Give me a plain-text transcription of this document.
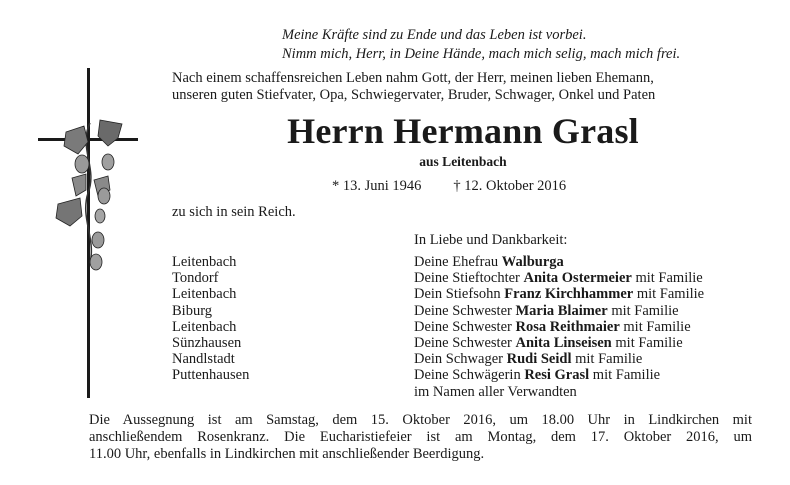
Meine Kräfte sind zu Ende und das Leben ist vorbei.
Nimm mich, Herr, in Deine Hände, mach mich selig, mach mich frei.
Nach einem schaffensreichen Leben nahm Gott, der Herr, meinen lieben Ehemann,
unseren guten Stiefvater, Opa, Schwiegervater, Bruder, Schwager, Onkel und Paten
Herrn Hermann Grasl
aus Leitenbach
* 13. Juni 1946 † 12. Oktober 2016
zu sich in sein Reich.
In Liebe und Dankbarkeit:
Leitenbach
Tondorf
Leitenbach
Biburg
Leitenbach
Sünzhausen
Nandlstadt
Puttenhausen
Deine Ehefrau Walburga
Deine Stieftochter Anita Ostermeier mit Familie
Dein Stiefsohn Franz Kirchhammer mit Familie
Deine Schwester Maria Blaimer mit Familie
Deine Schwester Rosa Reithmaier mit Familie
Deine Schwester Anita Linseisen mit Familie
Dein Schwager Rudi Seidl mit Familie
Deine Schwägerin Resi Grasl mit Familie
im Namen aller Verwandten
Die Aussegnung ist am Samstag, dem 15. Oktober 2016, um 18.00 Uhr in Lindkirchen mit
anschließendem Rosenkranz. Die Eucharistiefeier ist am Montag, dem 17. Oktober 2016, um
11.00 Uhr, ebenfalls in Lindkirchen mit anschließender Beerdigung.
